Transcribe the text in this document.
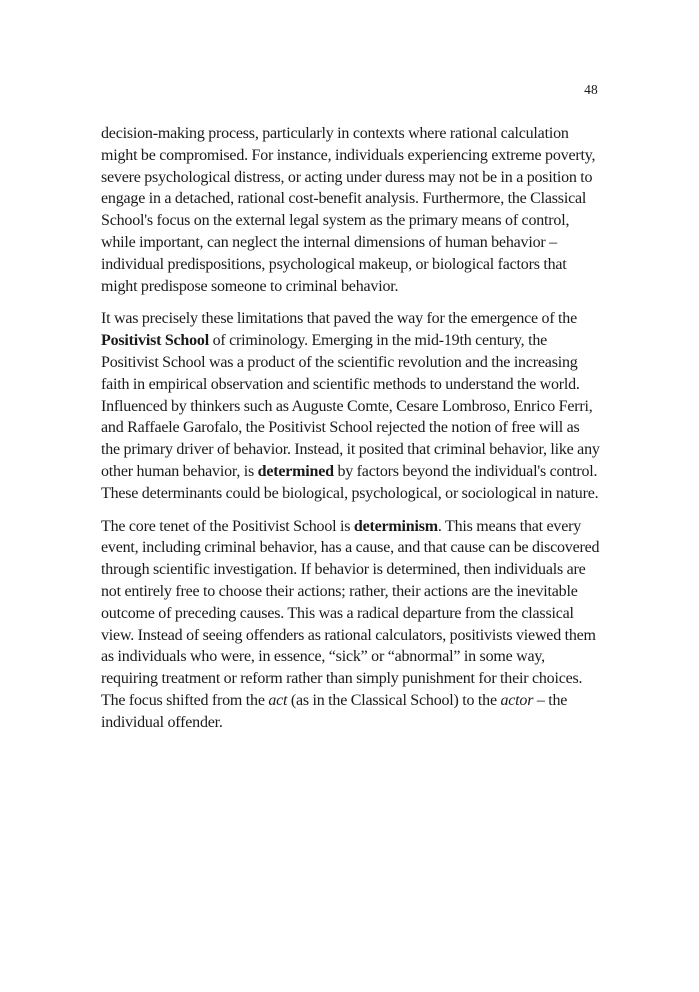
48

decision-making process, particularly in contexts where rational calculation might be compromised. For instance, individuals experiencing extreme poverty, severe psychological distress, or acting under duress may not be in a position to engage in a detached, rational cost-benefit analysis. Furthermore, the Classical School's focus on the external legal system as the primary means of control, while important, can neglect the internal dimensions of human behavior – individual predispositions, psychological makeup, or biological factors that might predispose someone to criminal behavior.

It was precisely these limitations that paved the way for the emergence of the Positivist School of criminology. Emerging in the mid-19th century, the Positivist School was a product of the scientific revolution and the increasing faith in empirical observation and scientific methods to understand the world. Influenced by thinkers such as Auguste Comte, Cesare Lombroso, Enrico Ferri, and Raffaele Garofalo, the Positivist School rejected the notion of free will as the primary driver of behavior. Instead, it posited that criminal behavior, like any other human behavior, is determined by factors beyond the individual's control. These determinants could be biological, psychological, or sociological in nature.

The core tenet of the Positivist School is determinism. This means that every event, including criminal behavior, has a cause, and that cause can be discovered through scientific investigation. If behavior is determined, then individuals are not entirely free to choose their actions; rather, their actions are the inevitable outcome of preceding causes. This was a radical departure from the classical view. Instead of seeing offenders as rational calculators, positivists viewed them as individuals who were, in essence, “sick” or “abnormal” in some way, requiring treatment or reform rather than simply punishment for their choices. The focus shifted from the act (as in the Classical School) to the actor – the individual offender.
